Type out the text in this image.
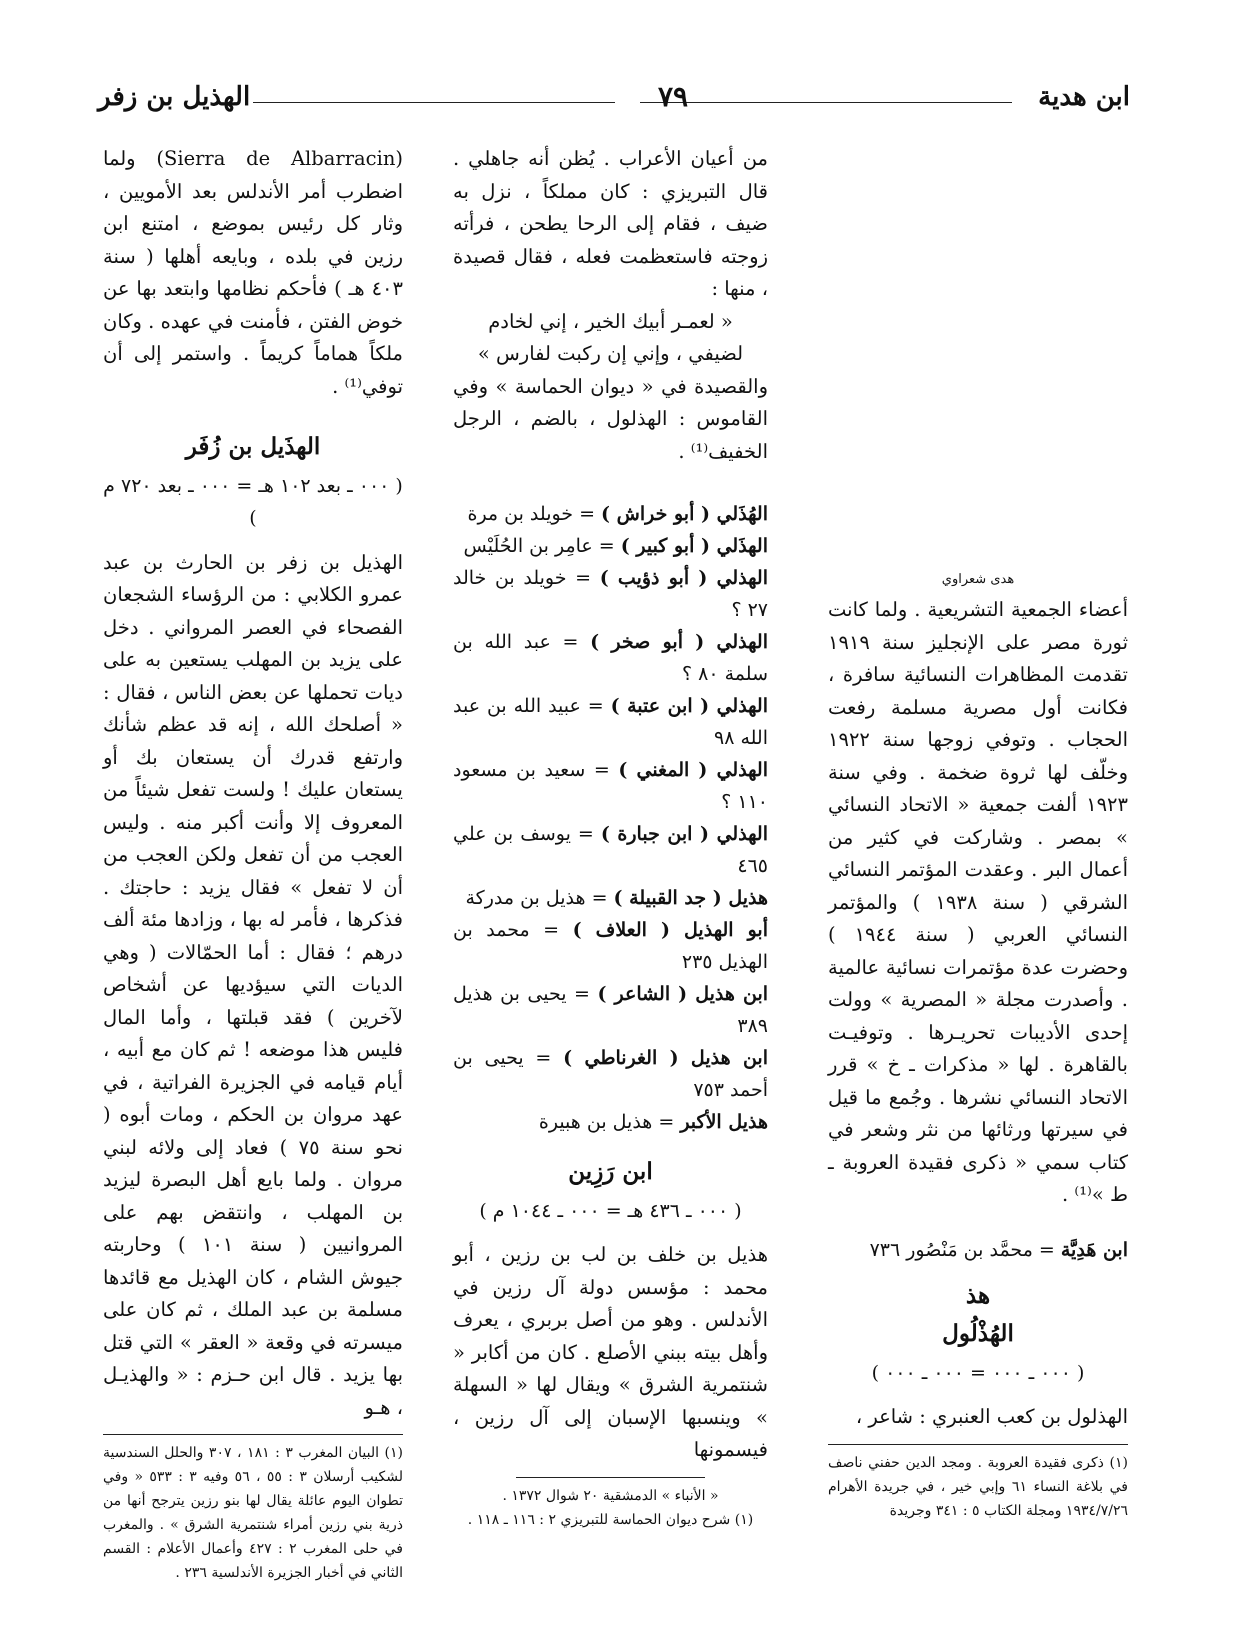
ابن هدية
٧٩
الهذيل بن زفر
هدى شعراوي

أعضاء الجمعية التشريعية . ولما كانت ثورة مصر على الإنجليز سنة ١٩١٩ تقدمت المظاهرات النسائية سافرة ، فكانت أول مصرية مسلمة رفعت الحجاب . وتوفي زوجها سنة ١٩٢٢ وخلّف لها ثروة ضخمة . وفي سنة ١٩٢٣ ألفت جمعية « الاتحاد النسائي » بمصر . وشاركت في كثير من أعمال البر . وعقدت المؤتمر النسائي الشرقي ( سنة ١٩٣٨ ) والمؤتمر النسائي العربي ( سنة ١٩٤٤ ) وحضرت عدة مؤتمرات نسائية عالمية . وأصدرت مجلة « المصرية » وولت إحدى الأديبات تحريـرها . وتوفيـت بالقاهرة . لها « مذكرات ـ خ » قرر الاتحاد النسائي نشرها . وجُمع ما قيل في سيرتها ورثائها من نثر وشعر في كتاب سمي « ذكرى فقيدة العروبة ـ ط »⁽¹⁾ .

ابن هَدِيَّة = محمَّد بن مَنْصُور ٧٣٦

هذ
الهُذْلُول
( ٠٠٠ ـ ٠٠٠ = ٠٠٠ ـ ٠٠٠ )

الهذلول بن كعب العنبري : شاعر ،

(١) ذكرى فقيدة العروبة . ومجد الدين حفني ناصف في بلاغة النساء ٦١ وإبي خير ، في جريدة الأهرام ١٩٣٤/٧/٢٦ ومجلة الكتاب ٥ : ٣٤١ وجريدة

من أعيان الأعراب . يُظن أنه جاهلي . قال التبريزي : كان مملكاً ، نزل به ضيف ، فقام إلى الرحا يطحن ، فرأته زوجته فاستعظمت فعله ، فقال قصيدة ، منها :

« لعمـر أبيك الخير ، إني لخادم

لضيفي ، وإني إن ركبت لفارس »

والقصيدة في « ديوان الحماسة » وفي القاموس : الهذلول ، بالضم ، الرجل الخفيف⁽¹⁾ .

الهُذَلي ( أبو خراش ) = خويلد بن مرة

الهذَلي ( أبو كبير ) = عامِر بن الحُلَيْس

الهذلي ( أبو ذؤيب ) = خويلد بن خالد ٢٧ ؟

الهذلي ( أبو صخر ) = عبد الله بن سلمة ٨٠ ؟

الهذلي ( ابن عتبة ) = عبيد الله بن عبد الله ٩٨

الهذلي ( المغني ) = سعيد بن مسعود ١١٠ ؟

الهذلي ( ابن جبارة ) = يوسف بن علي ٤٦٥

هذيل ( جد القبيلة ) = هذيل بن مدركة

أبو الهذيل ( العلاف ) = محمد بن الهذيل ٢٣٥

ابن هذيل ( الشاعر ) = يحيى بن هذيل ٣٨٩

ابن هذيل ( الغرناطي ) = يحيى بن أحمد ٧٥٣

هذيل الأكبر = هذيل بن هبيرة

ابن رَزِين
( ٠٠٠ ـ ٤٣٦ هـ = ٠٠٠ ـ ١٠٤٤ م )

هذيل بن خلف بن لب بن رزين ، أبو محمد : مؤسس دولة آل رزين في الأندلس . وهو من أصل بربري ، يعرف وأهل بيته ببني الأصلع . كان من أكابر « شنتمرية الشرق » ويقال لها « السهلة » وينسبها الإسبان إلى آل رزين ، فيسمونها

« الأنباء » الدمشقية ٢٠ شوال ١٣٧٢ .

(١) شرح ديوان الحماسة للتبريزي ٢ : ١١٦ ـ ١١٨ .

(Sierra de Albarracin) ولما اضطرب أمر الأندلس بعد الأمويين ، وثار كل رئيس بموضع ، امتنع ابن رزين في بلده ، وبايعه أهلها ( سنة ٤٠٣ هـ ) فأحكم نظامها وابتعد بها عن خوض الفتن ، فأمنت في عهده . وكان ملكاً هماماً كريماً . واستمر إلى أن توفي⁽¹⁾ .

الهذَيل بن زُفَر
( ٠٠٠ ـ بعد ١٠٢ هـ = ٠٠٠ ـ بعد ٧٢٠ م )

الهذيل بن زفر بن الحارث بن عبد عمرو الكلابي : من الرؤساء الشجعان الفصحاء في العصر المرواني . دخل على يزيد بن المهلب يستعين به على ديات تحملها عن بعض الناس ، فقال : « أصلحك الله ، إنه قد عظم شأنك وارتفع قدرك أن يستعان بك أو يستعان عليك ! ولست تفعل شيئاً من المعروف إلا وأنت أكبر منه . وليس العجب من أن تفعل ولكن العجب من أن لا تفعل » فقال يزيد : حاجتك . فذكرها ، فأمر له بها ، وزادها مئة ألف درهم ؛ فقال : أما الحمّالات ( وهي الديات التي سيؤديها عن أشخاص لآخرين ) فقد قبلتها ، وأما المال فليس هذا موضعه ! ثم كان مع أبيه ، أيام قيامه في الجزيرة الفراتية ، في عهد مروان بن الحكم ، ومات أبوه ( نحو سنة ٧٥ ) فعاد إلى ولائه لبني مروان . ولما بايع أهل البصرة ليزيد بن المهلب ، وانتقض بهم على المروانيين ( سنة ١٠١ ) وحاربته جيوش الشام ، كان الهذيل مع قائدها مسلمة بن عبد الملك ، ثم كان على ميسرته في وقعة « العقر » التي قتل بها يزيد . قال ابن حـزم : « والهذيـل ، هـو

(١) البيان المغرب ٣ : ١٨١ ، ٣٠٧ والحلل السندسية لشكيب أرسلان ٣ : ٥٥ ، ٥٦ وفيه ٣ : ٥٣٣ « وفي تطوان اليوم عائلة يقال لها بنو رزين يترجح أنها من ذرية بني رزين أمراء شنتمرية الشرق » . والمغرب في حلى المغرب ٢ : ٤٢٧ وأعمال الأعلام : القسم الثاني في أخبار الجزيرة الأندلسية ٢٣٦ .
